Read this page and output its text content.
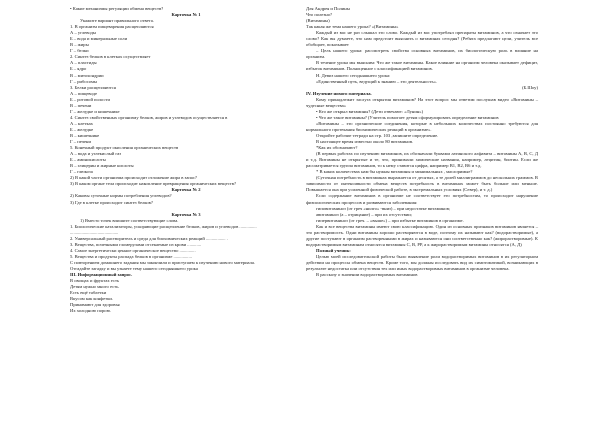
• Какие механизмы регуляции обмена веществ?
Карточка № 1
Укажите вариант правильного ответа.
1. В организм пищеварения расщепляются
А – углеводы
Б – вода и минеральные соли
В – жиры
Г – белки
2. Синтез белков в клетках осуществляет
А – пластиды
Б – ядро
В – митохондрии
Г – рибосомы
3. Белки расщепляются
А – пищеводе
Б – ротовой полости
В – печени
Г – желудке и кишечнике
4. Синтез свойственных организму белков, жиров и углеводов осуществляется в
А – клетках
Б – желудке
В – кишечнике
Г – печени
5. Конечный продукт окисления органических веществ
А – вода и углекислый газ
Б – аминокислоты
В – глицерин и жирные кислоты
Г – глюкоза
2) В какой части организма происходит отложение жира в запас?
3) В каком органе тела происходит накопление превращения органических веществ?
Карточка № 2
2) Каковы суточные нормы потребления углеводов?
3) Где в клетке происходит синтез белков?
Карточка № 3
1) Вместо точек впишите соответствующие слова.
1. Биологические катализаторы, ускоряющие расщепление белков, жиров и углеводов ...............
..........................................
2. Универсальный растворитель и среда для биохимических реакций ................. .
3. Вещества, почечными гломерулами отсекаемые из крови ............
4. Самое энергетически ценное органическое вещество ..............
5. Вещества и продукты распада белков в организме ................
С повторением домашнего задания мы закончили и приступаем к изучению нового материала.
Отгадайте загадку и вы узнаете тему нашего сегодняшнего урока
III. Информационный запрос.
В овощах и фруктах есть
Детям нужно много есть.
Есть ещё таблетки
Вкусом как конфетки.
Принимают для здоровья
Их холодною порою.
Для Андрея и Полины
Что полезно?
(Витамины)
Так какая же тема нашего урока? «(Витамины»
Каждый из вас не раз слышал это слово. Каждый из вас употреблял препараты витаминов, а что означает это слово? Как вы думаете, что нам предстоит выяснить о витаминах сегодня? (Ребята предлагают цели, учитель все обобщает, показывает
– Цель нашего урока: рассмотреть свойства основных витаминов, их биологическую роль в влияние на организм.
В течение урока мы выясним: Что же такое витамины. Какое влияние на организм человека оказывает дефицит, избыток витаминов. Полноценное с классификацией витаминов.
Н. Девиз нашего сегодняшнего урока:
«Единственный путь, ведущий к знанию – это деятельность».
(Б.Шоу)
IV. Изучение нового материала.
Кому принадлежит заслуга открытия витаминов? На этот вопрос мы ответим послушав видео «Витамины – чудесные вещества»
• Кто же открыл витамины? (Дети отвечают: «Лунин»)
• Что же такое витамины? (Учитель помогает детям сформулировать определение витаминов
«Витамины – это органические соединения, которые в небольших количествах постоянно требуются для нормального протекания биохимических реакций в организме».
Откройте рабочие тетради на стр. 103 ,запишите определение.
В настоящее время известно около 80 витаминов.
*Как их обозначают?
(В первых работах по изучению витаминов, их обозначали буквами латинского алфавита – витамины А, В, С, Д и т.д. Витамины не открытые и те, что, принимали химические названия, например, лецитин, биотин. Если же рассматривается группа витаминов, то к нему ставится цифра, например В1, В2, В6 и т.д.
* В каких количествах нам бы нужны витамины и минимальных , маслоримые?
(Суточная потребность в витаминах выражается от десятых, а те долей миллиграммов до нескольких граммов. В зависимости от интенсивности обмена веществ потребность в витаминах может быть больше или меньше. Повышается она при усиленной физической работе, в экстремальных условиях (Север), и т. д.)
Если содержание витаминов в организме не соответствует его потребностям, то происходит нарушение физиологических процессов и развиваются заболевания:
гиповитаминоз (от греч «нилго» -вниз) – при недостатке витаминов;
авитаминоз (а – отрицание) – при их отсутствии;
гипервитаминоз (от греч. – «выше») – при избытке витаминов в организме.
Как и все вещества витамины имеют свою классификацию. Один из основных признаков витаминов является – это растворимость. Одни витамины хорошо растворяются в воде, поэтому их называют как? (водорастворимые), а другие поступают в организм растворенными в жирах и называются они соответственно как? (жирорастворимые). К водорастворимым витаминам относятся витамины С, В, РР, а к жирорастворимым витамины относятся (А, Д)
Полный ученик:
Целью моей исследовательской работы было выявление роли водорастворимых витаминов в их регуляторном действии на процессы обмена веществ. Кроме того, мы должны исследовать вид их симптоматикой, возникающих в результате недостатка или отсутствия тех или иных водорастворимых витаминов в организме человека.
В рассказу о значении водорастворимых витаминов
